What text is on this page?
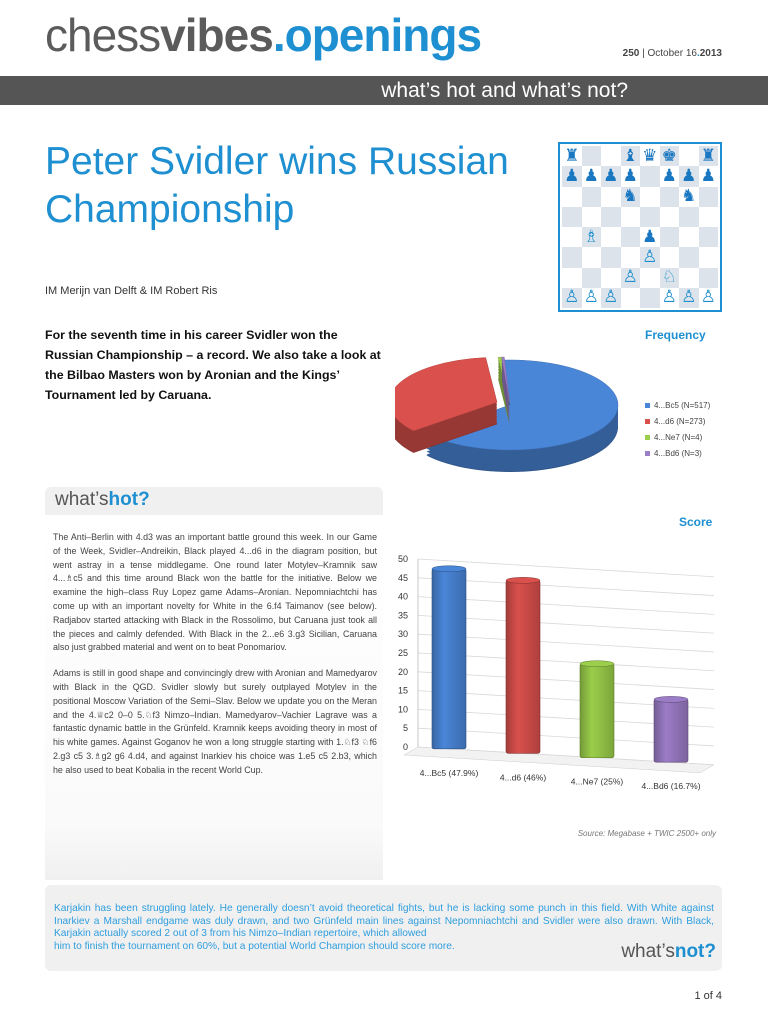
chessvibes.openings	250 | October 16.2013
what’s hot and what’s not?
Peter Svidler wins Russian Championship
IM Merijn van Delft & IM Robert Ris
♜	♝ ♛ ♚ ♜
♟ ♟ ♟ ♟ ♟ ♟ ♟
♞	♞
♗	♟
♙
♙ ♘
♙ ♙ ♙	♙ ♙ ♙
For the seventh time in his career Svidler won the Russian Championship – a record. We also take a look at the Bilbao Masters won by Aronian and the Kings’ Tournament led by Caruana.
Frequency
4...Bc5 (N=517)
4...d6 (N=273)
4...Ne7 (N=4)
4...Bd6 (N=3)
what’shot?

The Anti–Berlin with 4.d3 was an important battle ground this week. In our Game of the Week, Svidler–Andreikin, Black played 4...d6 in the diagram position, but went astray in a tense middlegame. One round later Motylev–Kramnik saw 4...♗c5 and this time around Black won the battle for the initiative. Below we examine the high–class Ruy Lopez game Adams–Aronian. Nepomniachtchi has come up with an important novelty for White in the 6.f4 Taimanov (see below). Radjabov started attacking with Black in the Rossolimo, but Caruana just took all the pieces and calmly defended. With Black in the 2...e6 3.g3 Sicilian, Caruana also just grabbed material and went on to beat Ponomariov.

Adams is still in good shape and convincingly drew with Aronian and Mamedyarov with Black in the QGD. Svidler slowly but surely outplayed Motylev in the positional Moscow Variation of the Semi–Slav. Below we update you on the Meran and the 4.♕c2 0–0 5.♘f3 Nimzo–Indian. Mamedyarov–Vachier Lagrave was a fantastic dynamic battle in the Grünfeld. Kramnik keeps avoiding theory in most of his white games. Against Goganov he won a long struggle starting with 1.♘f3 ♘f6 2.g3 c5 3.♗g2 g6 4.d4, and against Inarkiev his choice was 1.e5 c5 2.b3, which he also used to beat Kobalia in the recent World Cup.

Score
0
5
10
15
20
25
30
35
40
45
50
4...Bc5 (47.9%)	4...d6 (46%)	4...Ne7 (25%) 4...Bd6 (16.7%)
Source: Megabase + TWIC 2500+ only

Karjakin has been struggling lately. He generally doesn’t avoid theoretical fights, but he is lacking some punch in this field. With White against Inarkiev a Marshall endgame was duly drawn, and two Grünfeld main lines against Nepomniachtchi and Svidler were also drawn. With Black, Karjakin actually scored 2 out of 3 from his Nimzo–Indian repertoire, which allowed

him to finish the tournament on 60%, but a potential World Champion should score more.	what’snot?
1 of 4
